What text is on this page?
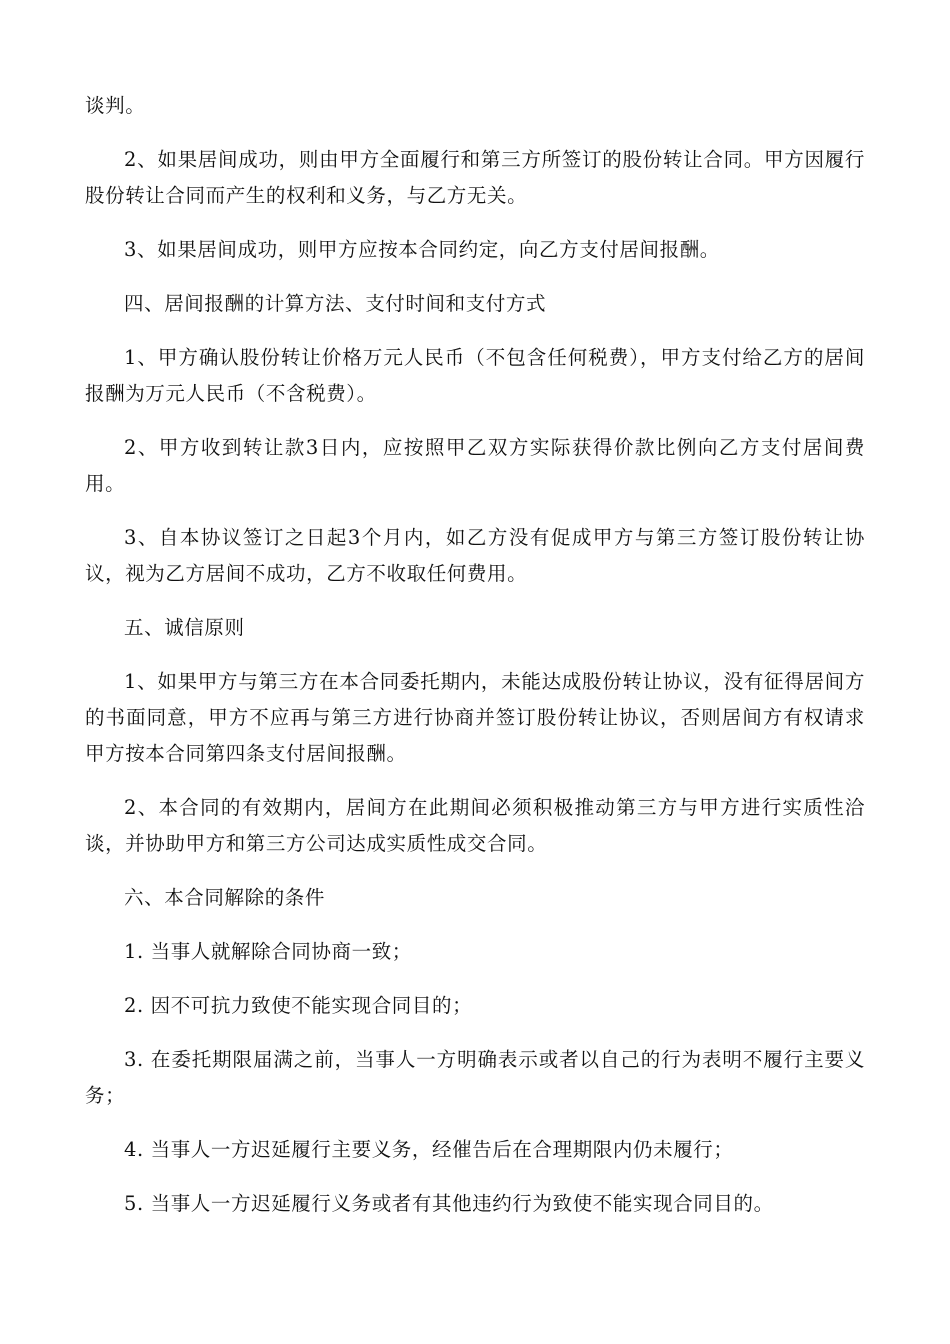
谈判。

2、如果居间成功，则由甲方全面履行和第三方所签订的股份转让合同。甲方因履行股份转让合同而产生的权利和义务，与乙方无关。

3、如果居间成功，则甲方应按本合同约定，向乙方支付居间报酬。

四、居间报酬的计算方法、支付时间和支付方式

1、甲方确认股份转让价格万元人民币（不包含任何税费），甲方支付给乙方的居间报酬为万元人民币（不含税费）。

2、甲方收到转让款3日内，应按照甲乙双方实际获得价款比例向乙方支付居间费用。

3、自本协议签订之日起3个月内，如乙方没有促成甲方与第三方签订股份转让协议，视为乙方居间不成功，乙方不收取任何费用。

五、诚信原则

1、如果甲方与第三方在本合同委托期内，未能达成股份转让协议，没有征得居间方的书面同意，甲方不应再与第三方进行协商并签订股份转让协议，否则居间方有权请求甲方按本合同第四条支付居间报酬。

2、本合同的有效期内，居间方在此期间必须积极推动第三方与甲方进行实质性洽谈，并协助甲方和第三方公司达成实质性成交合同。

六、本合同解除的条件

1. 当事人就解除合同协商一致；

2. 因不可抗力致使不能实现合同目的；

3. 在委托期限届满之前，当事人一方明确表示或者以自己的行为表明不履行主要义务；

4. 当事人一方迟延履行主要义务，经催告后在合理期限内仍未履行；

5. 当事人一方迟延履行义务或者有其他违约行为致使不能实现合同目的。
